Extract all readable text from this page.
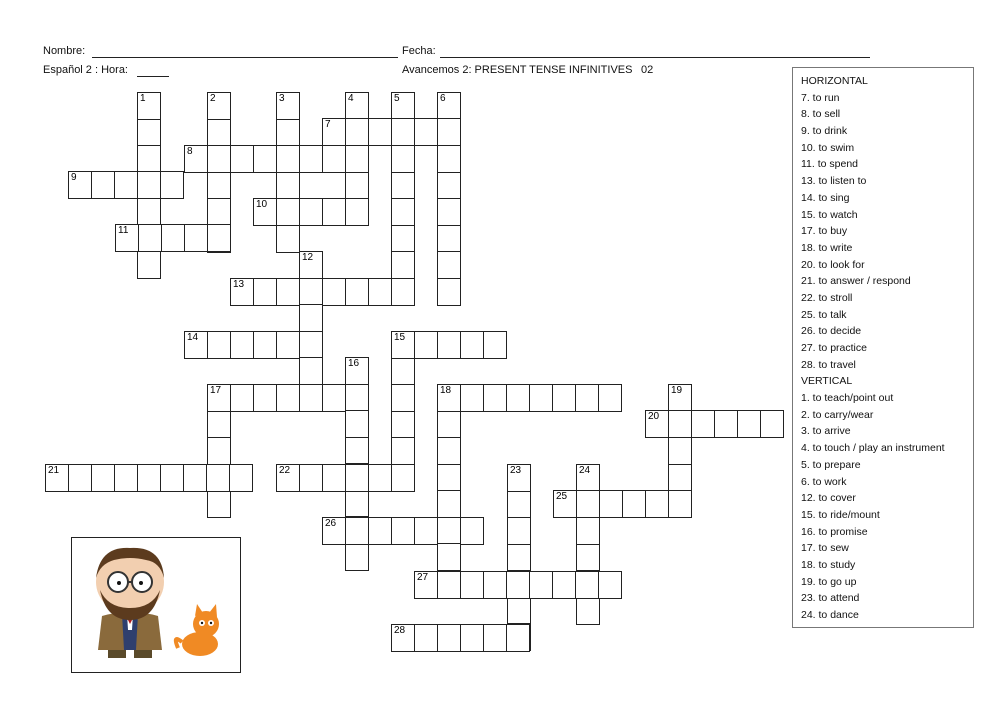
Nombre:	Fecha:
Español 2 : Hora:	Avancemos 2: PRESENT TENSE INFINITIVES 02
1	2	3	4	5	6
7
8
9
10
11
12
13
14	15
16
17	18	19
20
21	22	23	24
25
26
27
28
HORIZONTAL
7. to run
8. to sell
9. to drink
10. to swim
11. to spend
13. to listen to
14. to sing
15. to watch
17. to buy
18. to write
20. to look for
21. to answer / respond
22. to stroll
25. to talk
26. to decide
27. to practice
28. to travel
VERTICAL
1. to teach/point out
2. to carry/wear
3. to arrive
4. to touch / play an instrument
5. to prepare
6. to work
12. to cover
15. to ride/mount
16. to promise
17. to sew
18. to study
19. to go up
23. to attend
24. to dance
